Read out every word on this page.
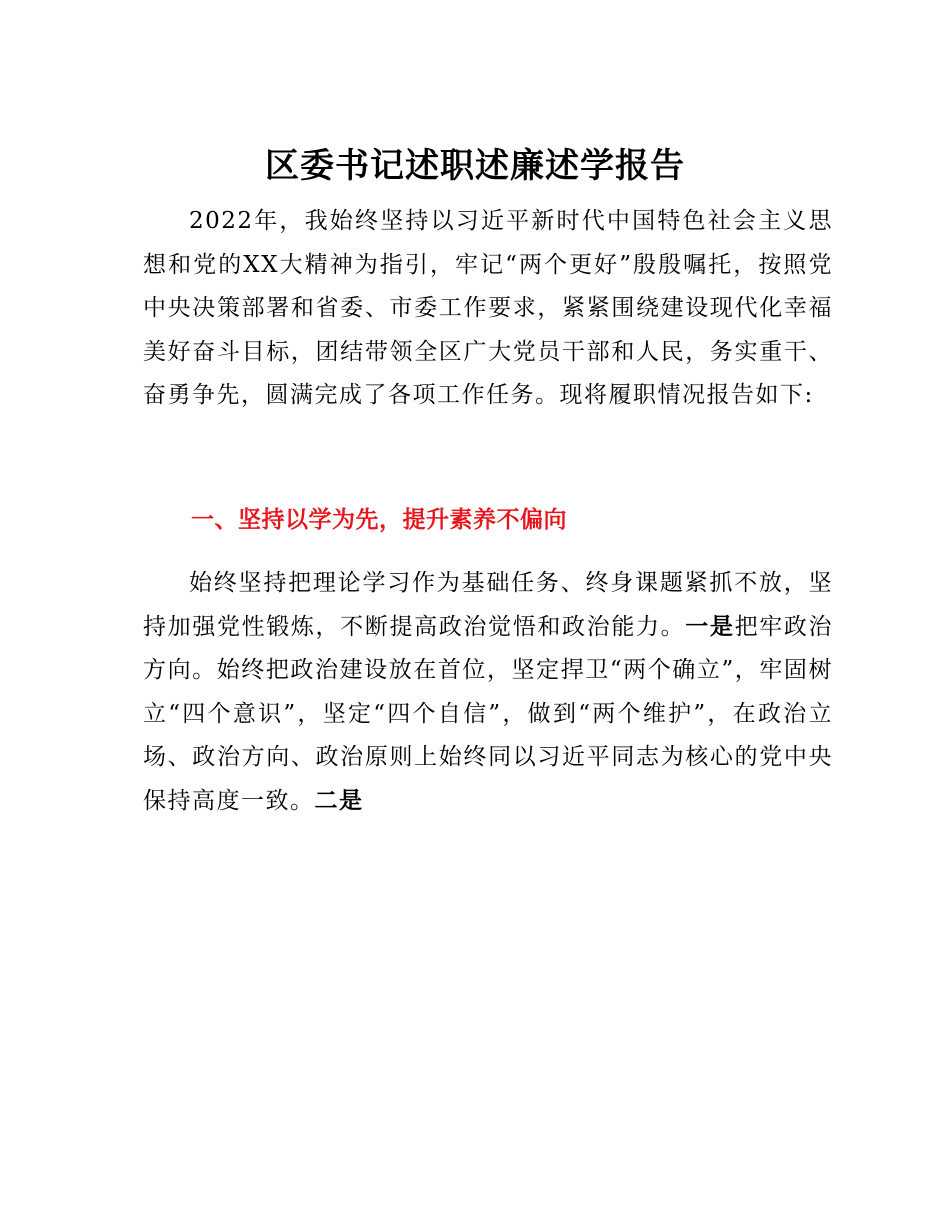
区委书记述职述廉述学报告

2022年，我始终坚持以习近平新时代中国特色社会主义思想和党的XX大精神为指引，牢记“两个更好”殷殷嘱托，按照党中央决策部署和省委、市委工作要求，紧紧围绕建设现代化幸福美好奋斗目标，团结带领全区广大党员干部和人民，务实重干、奋勇争先，圆满完成了各项工作任务。现将履职情况报告如下:

一、坚持以学为先，提升素养不偏向

始终坚持把理论学习作为基础任务、终身课题紧抓不放，坚持加强党性锻炼，不断提高政治觉悟和政治能力。一是把牢政治方向。始终把政治建设放在首位，坚定捍卫“两个确立”，牢固树立“四个意识”，坚定“四个自信”，做到“两个维护”，在政治立场、政治方向、政治原则上始终同以习近平同志为核心的党中央保持高度一致。二是
